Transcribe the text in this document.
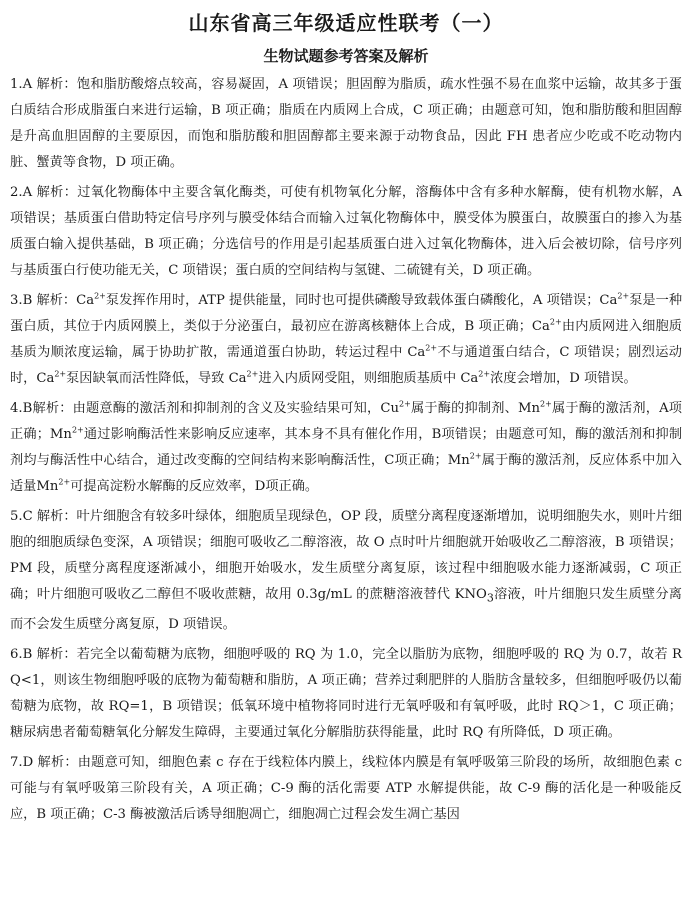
山东省高三年级适应性联考（一）
生物试题参考答案及解析

1.A 解析：饱和脂肪酸熔点较高，容易凝固，A 项错误；胆固醇为脂质，疏水性强不易在血浆中运输，故其多于蛋白质结合形成脂蛋白来进行运输，B 项正确；脂质在内质网上合成，C 项正确；由题意可知，饱和脂肪酸和胆固醇是升高血胆固醇的主要原因，而饱和脂肪酸和胆固醇都主要来源于动物食品，因此 FH 患者应少吃或不吃动物内脏、蟹黄等食物，D 项正确。

2.A 解析：过氧化物酶体中主要含氧化酶类，可使有机物氧化分解，溶酶体中含有多种水解酶，使有机物水解，A 项错误；基质蛋白借助特定信号序列与膜受体结合而输入过氧化物酶体中，膜受体为膜蛋白，故膜蛋白的掺入为基质蛋白输入提供基础，B 项正确；分选信号的作用是引起基质蛋白进入过氧化物酶体，进入后会被切除，信号序列与基质蛋白行使功能无关，C 项错误；蛋白质的空间结构与氢键、二硫键有关，D 项正确。

3.B 解析：$Ca^{2+}$泵发挥作用时，ATP 提供能量，同时也可提供磷酸导致载体蛋白磷酸化，A 项错误；$Ca^{2+}$泵是一种蛋白质，其位于内质网膜上，类似于分泌蛋白，最初应在游离核糖体上合成，B 项正确；$Ca^{2+}$由内质网进入细胞质基质为顺浓度运输，属于协助扩散，需通道蛋白协助，转运过程中 $Ca^{2+}$不与通道蛋白结合，C 项错误；剧烈运动时，$Ca^{2+}$泵因缺氧而活性降低，导致 $Ca^{2+}$进入内质网受阻，则细胞质基质中 $Ca^{2+}$浓度会增加，D 项错误。

4.B解析：由题意酶的激活剂和抑制剂的含义及实验结果可知，$Cu^{2+}$属于酶的抑制剂、$Mn^{2+}$属于酶的激活剂，A项正确；$Mn^{2+}$通过影响酶活性来影响反应速率，其本身不具有催化作用，B项错误；由题意可知，酶的激活剂和抑制剂均与酶活性中心结合，通过改变酶的空间结构来影响酶活性，C项正确；$Mn^{2+}$属于酶的激活剂，反应体系中加入适量$Mn^{2+}$可提高淀粉水解酶的反应效率，D项正确。

5.C 解析：叶片细胞含有较多叶绿体，细胞质呈现绿色，OP 段，质壁分离程度逐渐增加，说明细胞失水，则叶片细胞的细胞质绿色变深，A 项错误；细胞可吸收乙二醇溶液，故 O 点时叶片细胞就开始吸收乙二醇溶液，B 项错误；PM 段，质壁分离程度逐渐减小，细胞开始吸水，发生质壁分离复原，该过程中细胞吸水能力逐渐减弱，C 项正确；叶片细胞可吸收乙二醇但不吸收蔗糖，故用 0.3g/mL 的蔗糖溶液替代 $KNO_3$溶液，叶片细胞只发生质壁分离而不会发生质壁分离复原，D 项错误。

6.B 解析：若完全以葡萄糖为底物，细胞呼吸的 RQ 为 1.0，完全以脂肪为底物，细胞呼吸的 RQ 为 0.7，故若 RQ<1，则该生物细胞呼吸的底物为葡萄糖和脂肪，A 项正确；营养过剩肥胖的人脂肪含量较多，但细胞呼吸仍以葡萄糖为底物，故 RQ=1，B 项错误；低氧环境中植物将同时进行无氧呼吸和有氧呼吸，此时 RQ＞1，C 项正确；糖尿病患者葡萄糖氧化分解发生障碍，主要通过氧化分解脂肪获得能量，此时 RQ 有所降低，D 项正确。

7.D 解析：由题意可知，细胞色素 c 存在于线粒体内膜上，线粒体内膜是有氧呼吸第三阶段的场所，故细胞色素 c 可能与有氧呼吸第三阶段有关，A 项正确；C-9 酶的活化需要 ATP 水解提供能，故 C-9 酶的活化是一种吸能反应，B 项正确；C-3 酶被激活后诱导细胞凋亡，细胞凋亡过程会发生凋亡基因
